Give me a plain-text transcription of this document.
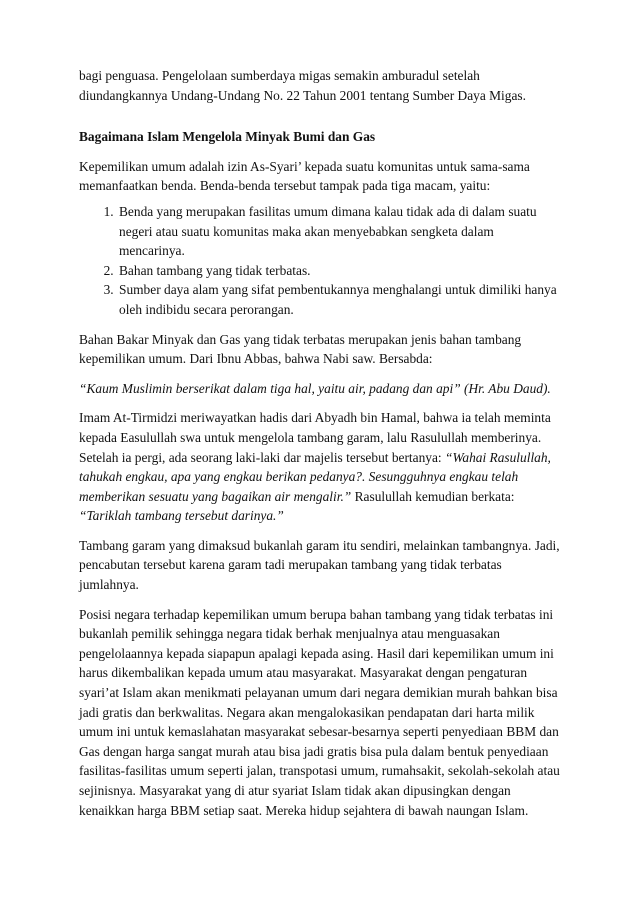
bagi penguasa. Pengelolaan sumberdaya migas semakin amburadul setelah diundangkannya Undang-Undang No. 22 Tahun 2001 tentang Sumber Daya Migas.

Bagaimana Islam Mengelola Minyak Bumi dan Gas

Kepemilikan umum adalah izin As-Syari’ kepada suatu komunitas untuk sama-sama memanfaatkan benda. Benda-benda tersebut tampak pada tiga macam, yaitu:

1. Benda yang merupakan fasilitas umum dimana kalau tidak ada di dalam suatu negeri atau suatu komunitas maka akan menyebabkan sengketa dalam mencarinya.
2. Bahan tambang yang tidak terbatas.
3. Sumber daya alam yang sifat pembentukannya menghalangi untuk dimiliki hanya oleh indibidu secara perorangan.

Bahan Bakar Minyak dan Gas yang tidak terbatas merupakan jenis bahan tambang kepemilikan umum. Dari Ibnu Abbas, bahwa Nabi saw. Bersabda:

“Kaum Muslimin berserikat dalam tiga hal, yaitu air, padang dan api” (Hr. Abu Daud).

Imam At-Tirmidzi meriwayatkan hadis dari Abyadh bin Hamal, bahwa ia telah meminta kepada Easulullah swa untuk mengelola tambang garam, lalu Rasulullah memberinya. Setelah ia pergi, ada seorang laki-laki dar majelis tersebut bertanya: “Wahai Rasulullah, tahukah engkau, apa yang engkau berikan pedanya?. Sesungguhnya engkau telah memberikan sesuatu yang bagaikan air mengalir.” Rasulullah kemudian berkata: “Tariklah tambang tersebut darinya.”

Tambang garam yang dimaksud bukanlah garam itu sendiri, melainkan tambangnya. Jadi, pencabutan tersebut karena garam tadi merupakan tambang yang tidak terbatas jumlahnya.

Posisi negara terhadap kepemilikan umum berupa bahan tambang yang tidak terbatas ini bukanlah pemilik sehingga negara tidak berhak menjualnya atau menguasakan pengelolaannya kepada siapapun apalagi kepada asing. Hasil dari kepemilikan umum ini harus dikembalikan kepada umum atau masyarakat. Masyarakat dengan pengaturan syari’at Islam akan menikmati pelayanan umum dari negara demikian murah bahkan bisa jadi gratis dan berkwalitas. Negara akan mengalokasikan pendapatan dari harta milik umum ini untuk kemaslahatan masyarakat sebesar-besarnya seperti penyediaan BBM dan Gas dengan harga sangat murah atau bisa jadi gratis bisa pula dalam bentuk penyediaan fasilitas-fasilitas umum seperti jalan, transpotasi umum, rumahsakit, sekolah-sekolah atau sejinisnya. Masyarakat yang di atur syariat Islam tidak akan dipusingkan dengan kenaikkan harga BBM setiap saat. Mereka hidup sejahtera di bawah naungan Islam.
